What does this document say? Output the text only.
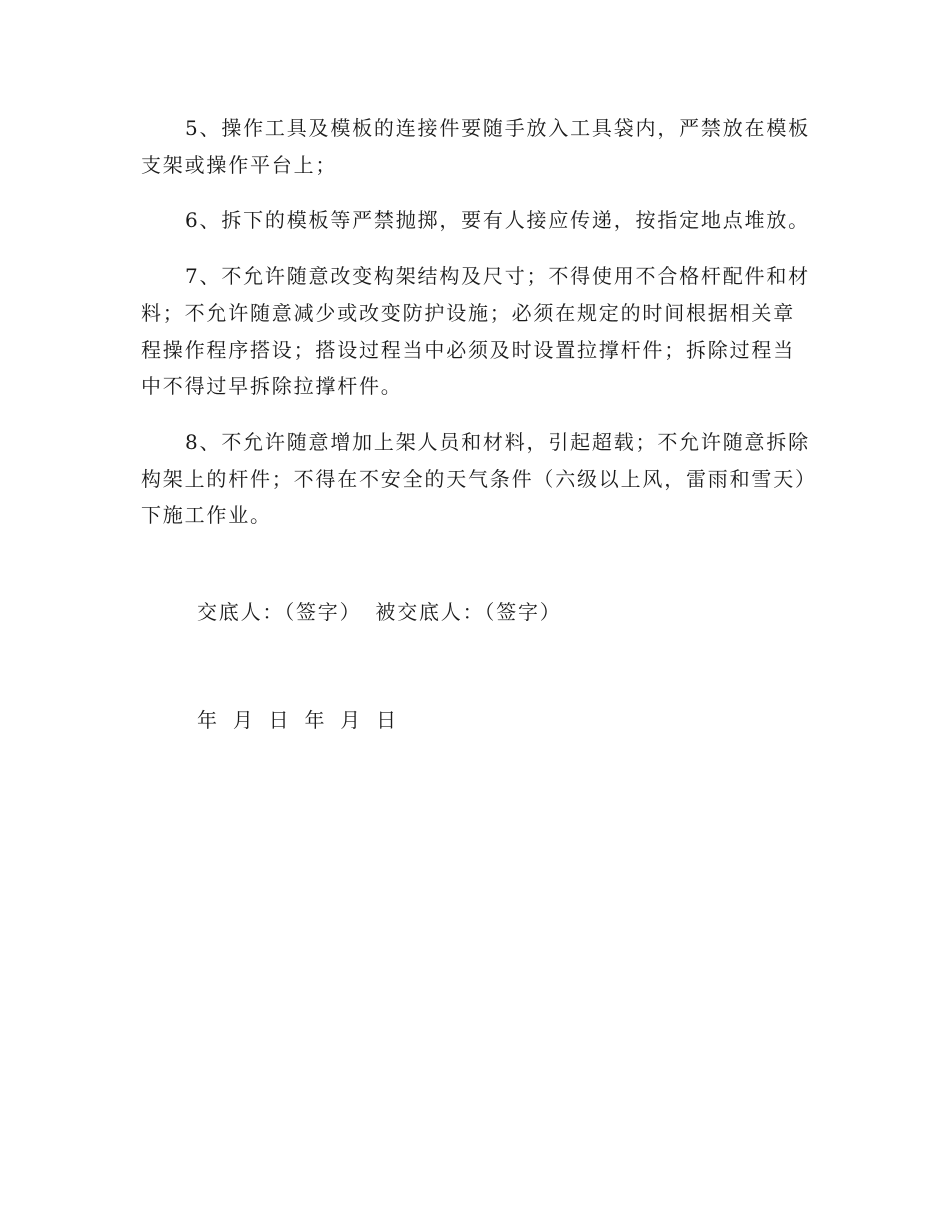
5、操作工具及模板的连接件要随手放入工具袋内，严禁放在模板支架或操作平台上；

6、拆下的模板等严禁抛掷，要有人接应传递，按指定地点堆放。

7、不允许随意改变构架结构及尺寸；不得使用不合格杆配件和材料；不允许随意减少或改变防护设施；必须在规定的时间根据相关章程操作程序搭设；搭设过程当中必须及时设置拉撑杆件；拆除过程当中不得过早拆除拉撑杆件。

8、不允许随意增加上架人员和材料，引起超载；不允许随意拆除构架上的杆件；不得在不安全的天气条件（六级以上风，雷雨和雪天）下施工作业。

交底人：（签字） 被交底人：（签字）
年 月 日 年 月 日
